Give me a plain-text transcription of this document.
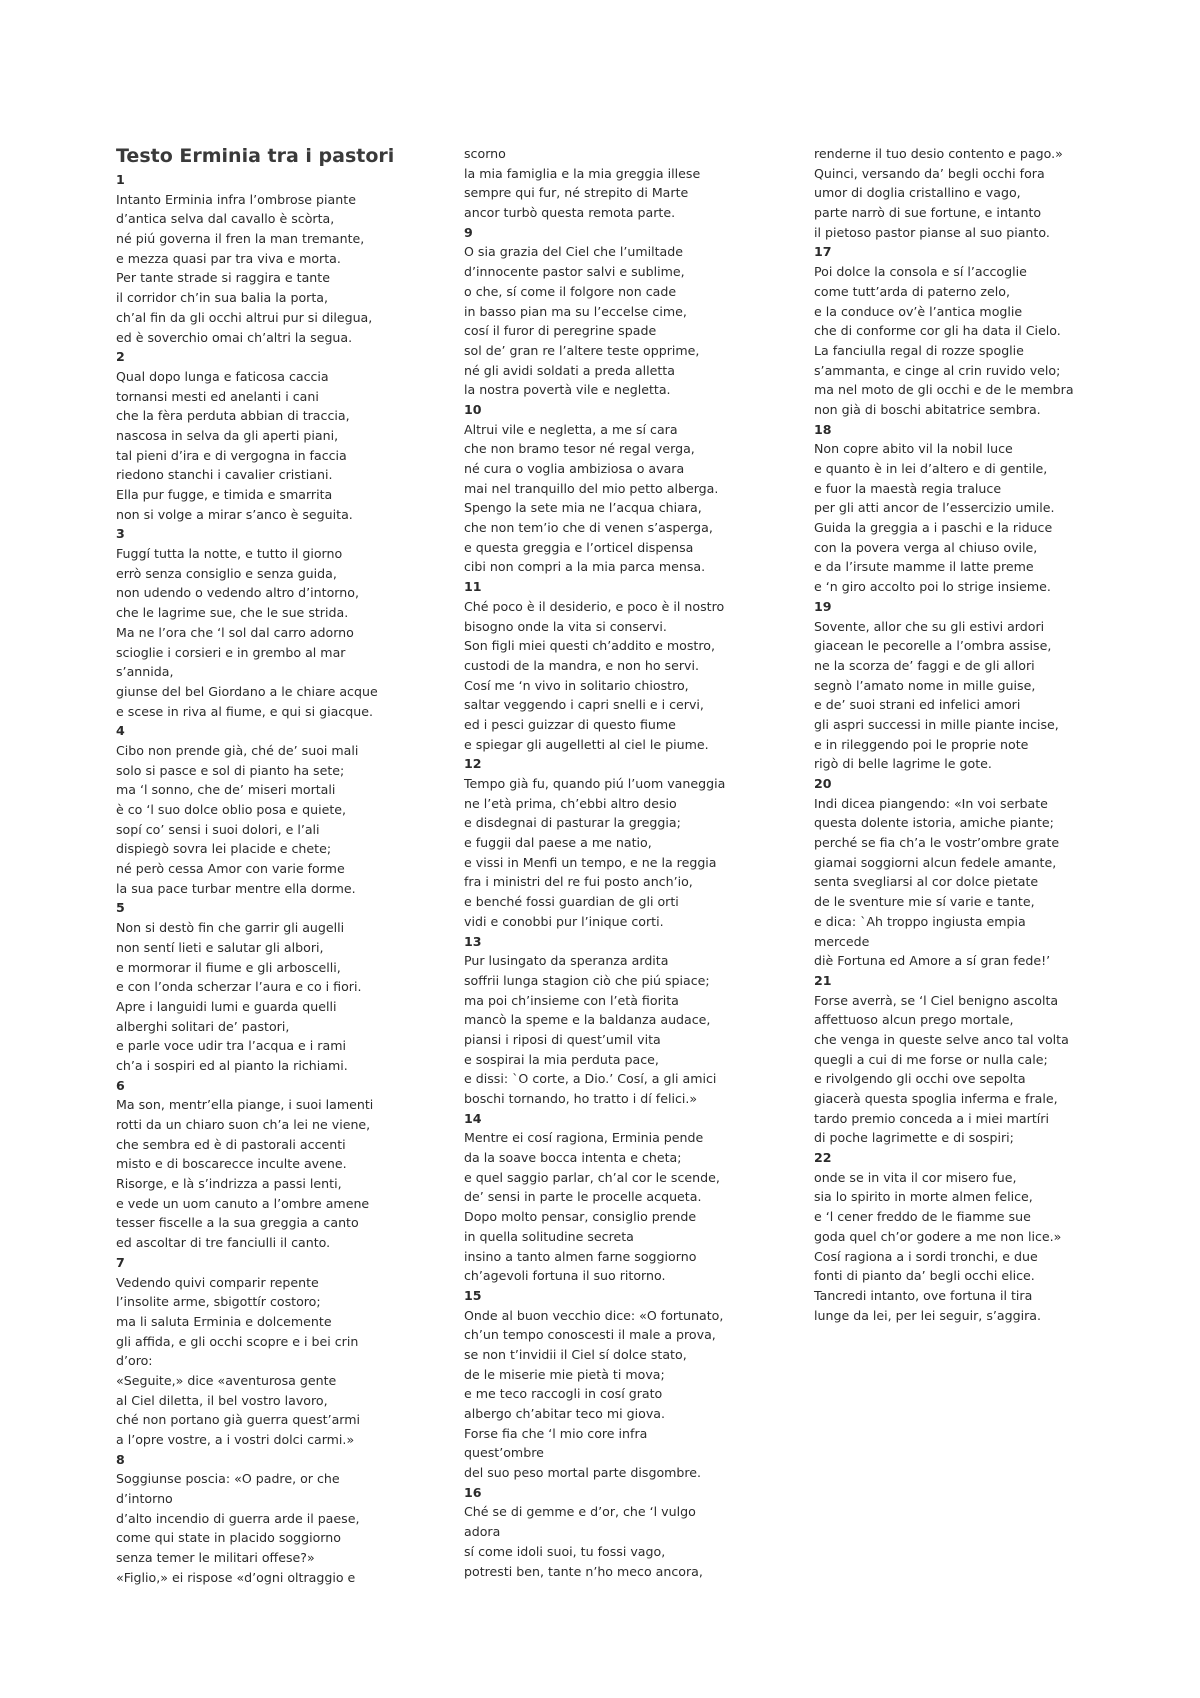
Testo Erminia tra i pastori
1
Intanto Erminia infra l’ombrose piante
d’antica selva dal cavallo è scòrta,
né piú governa il fren la man tremante,
e mezza quasi par tra viva e morta.
Per tante strade si raggira e tante
il corridor ch’in sua balia la porta,
ch’al fin da gli occhi altrui pur si dilegua,
ed è soverchio omai ch’altri la segua.
2
Qual dopo lunga e faticosa caccia
tornansi mesti ed anelanti i cani
che la fèra perduta abbian di traccia,
nascosa in selva da gli aperti piani,
tal pieni d’ira e di vergogna in faccia
riedono stanchi i cavalier cristiani.
Ella pur fugge, e timida e smarrita
non si volge a mirar s’anco è seguita.
3
Fuggí tutta la notte, e tutto il giorno
errò senza consiglio e senza guida,
non udendo o vedendo altro d’intorno,
che le lagrime sue, che le sue strida.
Ma ne l’ora che ‘l sol dal carro adorno
scioglie i corsieri e in grembo al mar
s’annida,
giunse del bel Giordano a le chiare acque
e scese in riva al fiume, e qui si giacque.
4
Cibo non prende già, ché de’ suoi mali
solo si pasce e sol di pianto ha sete;
ma ‘l sonno, che de’ miseri mortali
è co ‘l suo dolce oblio posa e quiete,
sopí co’ sensi i suoi dolori, e l’ali
dispiegò sovra lei placide e chete;
né però cessa Amor con varie forme
la sua pace turbar mentre ella dorme.
5
Non si destò fin che garrir gli augelli
non sentí lieti e salutar gli albori,
e mormorar il fiume e gli arboscelli,
e con l’onda scherzar l’aura e co i fiori.
Apre i languidi lumi e guarda quelli
alberghi solitari de’ pastori,
e parle voce udir tra l’acqua e i rami
ch’a i sospiri ed al pianto la richiami.
6
Ma son, mentr’ella piange, i suoi lamenti
rotti da un chiaro suon ch’a lei ne viene,
che sembra ed è di pastorali accenti
misto e di boscarecce inculte avene.
Risorge, e là s’indrizza a passi lenti,
e vede un uom canuto a l’ombre amene
tesser fiscelle a la sua greggia a canto
ed ascoltar di tre fanciulli il canto.
7
Vedendo quivi comparir repente
l’insolite arme, sbigottír costoro;
ma li saluta Erminia e dolcemente
gli affida, e gli occhi scopre e i bei crin
d’oro:
«Seguite,» dice «aventurosa gente
al Ciel diletta, il bel vostro lavoro,
ché non portano già guerra quest’armi
a l’opre vostre, a i vostri dolci carmi.»
8
Soggiunse poscia: «O padre, or che
d’intorno
d’alto incendio di guerra arde il paese,
come qui state in placido soggiorno
senza temer le militari offese?»
«Figlio,» ei rispose «d’ogni oltraggio e
scorno
la mia famiglia e la mia greggia illese
sempre qui fur, né strepito di Marte
ancor turbò questa remota parte.
9
O sia grazia del Ciel che l’umiltade
d’innocente pastor salvi e sublime,
o che, sí come il folgore non cade
in basso pian ma su l’eccelse cime,
cosí il furor di peregrine spade
sol de’ gran re l’altere teste opprime,
né gli avidi soldati a preda alletta
la nostra povertà vile e negletta.
10
Altrui vile e negletta, a me sí cara
che non bramo tesor né regal verga,
né cura o voglia ambiziosa o avara
mai nel tranquillo del mio petto alberga.
Spengo la sete mia ne l’acqua chiara,
che non tem’io che di venen s’asperga,
e questa greggia e l’orticel dispensa
cibi non compri a la mia parca mensa.
11
Ché poco è il desiderio, e poco è il nostro
bisogno onde la vita si conservi.
Son figli miei questi ch’addito e mostro,
custodi de la mandra, e non ho servi.
Cosí me ‘n vivo in solitario chiostro,
saltar veggendo i capri snelli e i cervi,
ed i pesci guizzar di questo fiume
e spiegar gli augelletti al ciel le piume.
12
Tempo già fu, quando piú l’uom vaneggia
ne l’età prima, ch’ebbi altro desio
e disdegnai di pasturar la greggia;
e fuggii dal paese a me natio,
e vissi in Menfi un tempo, e ne la reggia
fra i ministri del re fui posto anch’io,
e benché fossi guardian de gli orti
vidi e conobbi pur l’inique corti.
13
Pur lusingato da speranza ardita
soffrii lunga stagion ciò che piú spiace;
ma poi ch’insieme con l’età fiorita
mancò la speme e la baldanza audace,
piansi i riposi di quest’umil vita
e sospirai la mia perduta pace,
e dissi: `O corte, a Dio.’ Cosí, a gli amici
boschi tornando, ho tratto i dí felici.»
14
Mentre ei cosí ragiona, Erminia pende
da la soave bocca intenta e cheta;
e quel saggio parlar, ch’al cor le scende,
de’ sensi in parte le procelle acqueta.
Dopo molto pensar, consiglio prende
in quella solitudine secreta
insino a tanto almen farne soggiorno
ch’agevoli fortuna il suo ritorno.
15
Onde al buon vecchio dice: «O fortunato,
ch’un tempo conoscesti il male a prova,
se non t’invidii il Ciel sí dolce stato,
de le miserie mie pietà ti mova;
e me teco raccogli in cosí grato
albergo ch’abitar teco mi giova.
Forse fia che ‘l mio core infra
quest’ombre
del suo peso mortal parte disgombre.
16
Ché se di gemme e d’or, che ‘l vulgo
adora
sí come idoli suoi, tu fossi vago,
potresti ben, tante n’ho meco ancora,
renderne il tuo desio contento e pago.»
Quinci, versando da’ begli occhi fora
umor di doglia cristallino e vago,
parte narrò di sue fortune, e intanto
il pietoso pastor pianse al suo pianto.
17
Poi dolce la consola e sí l’accoglie
come tutt’arda di paterno zelo,
e la conduce ov’è l’antica moglie
che di conforme cor gli ha data il Cielo.
La fanciulla regal di rozze spoglie
s’ammanta, e cinge al crin ruvido velo;
ma nel moto de gli occhi e de le membra
non già di boschi abitatrice sembra.
18
Non copre abito vil la nobil luce
e quanto è in lei d’altero e di gentile,
e fuor la maestà regia traluce
per gli atti ancor de l’essercizio umile.
Guida la greggia a i paschi e la riduce
con la povera verga al chiuso ovile,
e da l’irsute mamme il latte preme
e ‘n giro accolto poi lo strige insieme.
19
Sovente, allor che su gli estivi ardori
giacean le pecorelle a l’ombra assise,
ne la scorza de’ faggi e de gli allori
segnò l’amato nome in mille guise,
e de’ suoi strani ed infelici amori
gli aspri successi in mille piante incise,
e in rileggendo poi le proprie note
rigò di belle lagrime le gote.
20
Indi dicea piangendo: «In voi serbate
questa dolente istoria, amiche piante;
perché se fia ch’a le vostr’ombre grate
giamai soggiorni alcun fedele amante,
senta svegliarsi al cor dolce pietate
de le sventure mie sí varie e tante,
e dica: `Ah troppo ingiusta empia
mercede
diè Fortuna ed Amore a sí gran fede!’
21
Forse averrà, se ‘l Ciel benigno ascolta
affettuoso alcun prego mortale,
che venga in queste selve anco tal volta
quegli a cui di me forse or nulla cale;
e rivolgendo gli occhi ove sepolta
giacerà questa spoglia inferma e frale,
tardo premio conceda a i miei martíri
di poche lagrimette e di sospiri;
22
onde se in vita il cor misero fue,
sia lo spirito in morte almen felice,
e ‘l cener freddo de le fiamme sue
goda quel ch’or godere a me non lice.»
Cosí ragiona a i sordi tronchi, e due
fonti di pianto da’ begli occhi elice.
Tancredi intanto, ove fortuna il tira
lunge da lei, per lei seguir, s’aggira.
